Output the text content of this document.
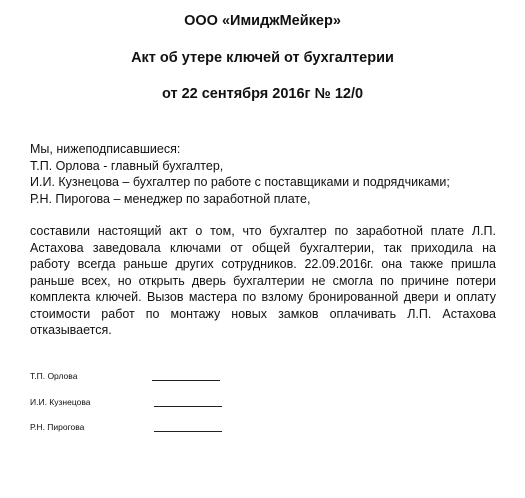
ООО «ИмиджМейкер»
Акт об утере ключей от бухгалтерии
от 22 сентября 2016г № 12/0
Мы, нижеподписавшиеся:
Т.П. Орлова - главный бухгалтер,
И.И. Кузнецова – бухгалтер по работе с поставщиками и подрядчиками;
Р.Н. Пирогова – менеджер по заработной плате,
составили настоящий акт о том, что бухгалтер по заработной плате Л.П.
Астахова заведовала ключами от общей бухгалтерии, так приходила на
работу всегда раньше других сотрудников. 22.09.2016г. она также пришла
раньше всех, но открыть дверь бухгалтерии не смогла по причине потери
комплекта ключей. Вызов мастера по взлому бронированной двери и оплату
стоимости работ по монтажу новых замков оплачивать Л.П. Астахова
отказывается.
Т.П. Орлова
И.И. Кузнецова
Р.Н. Пирогова
